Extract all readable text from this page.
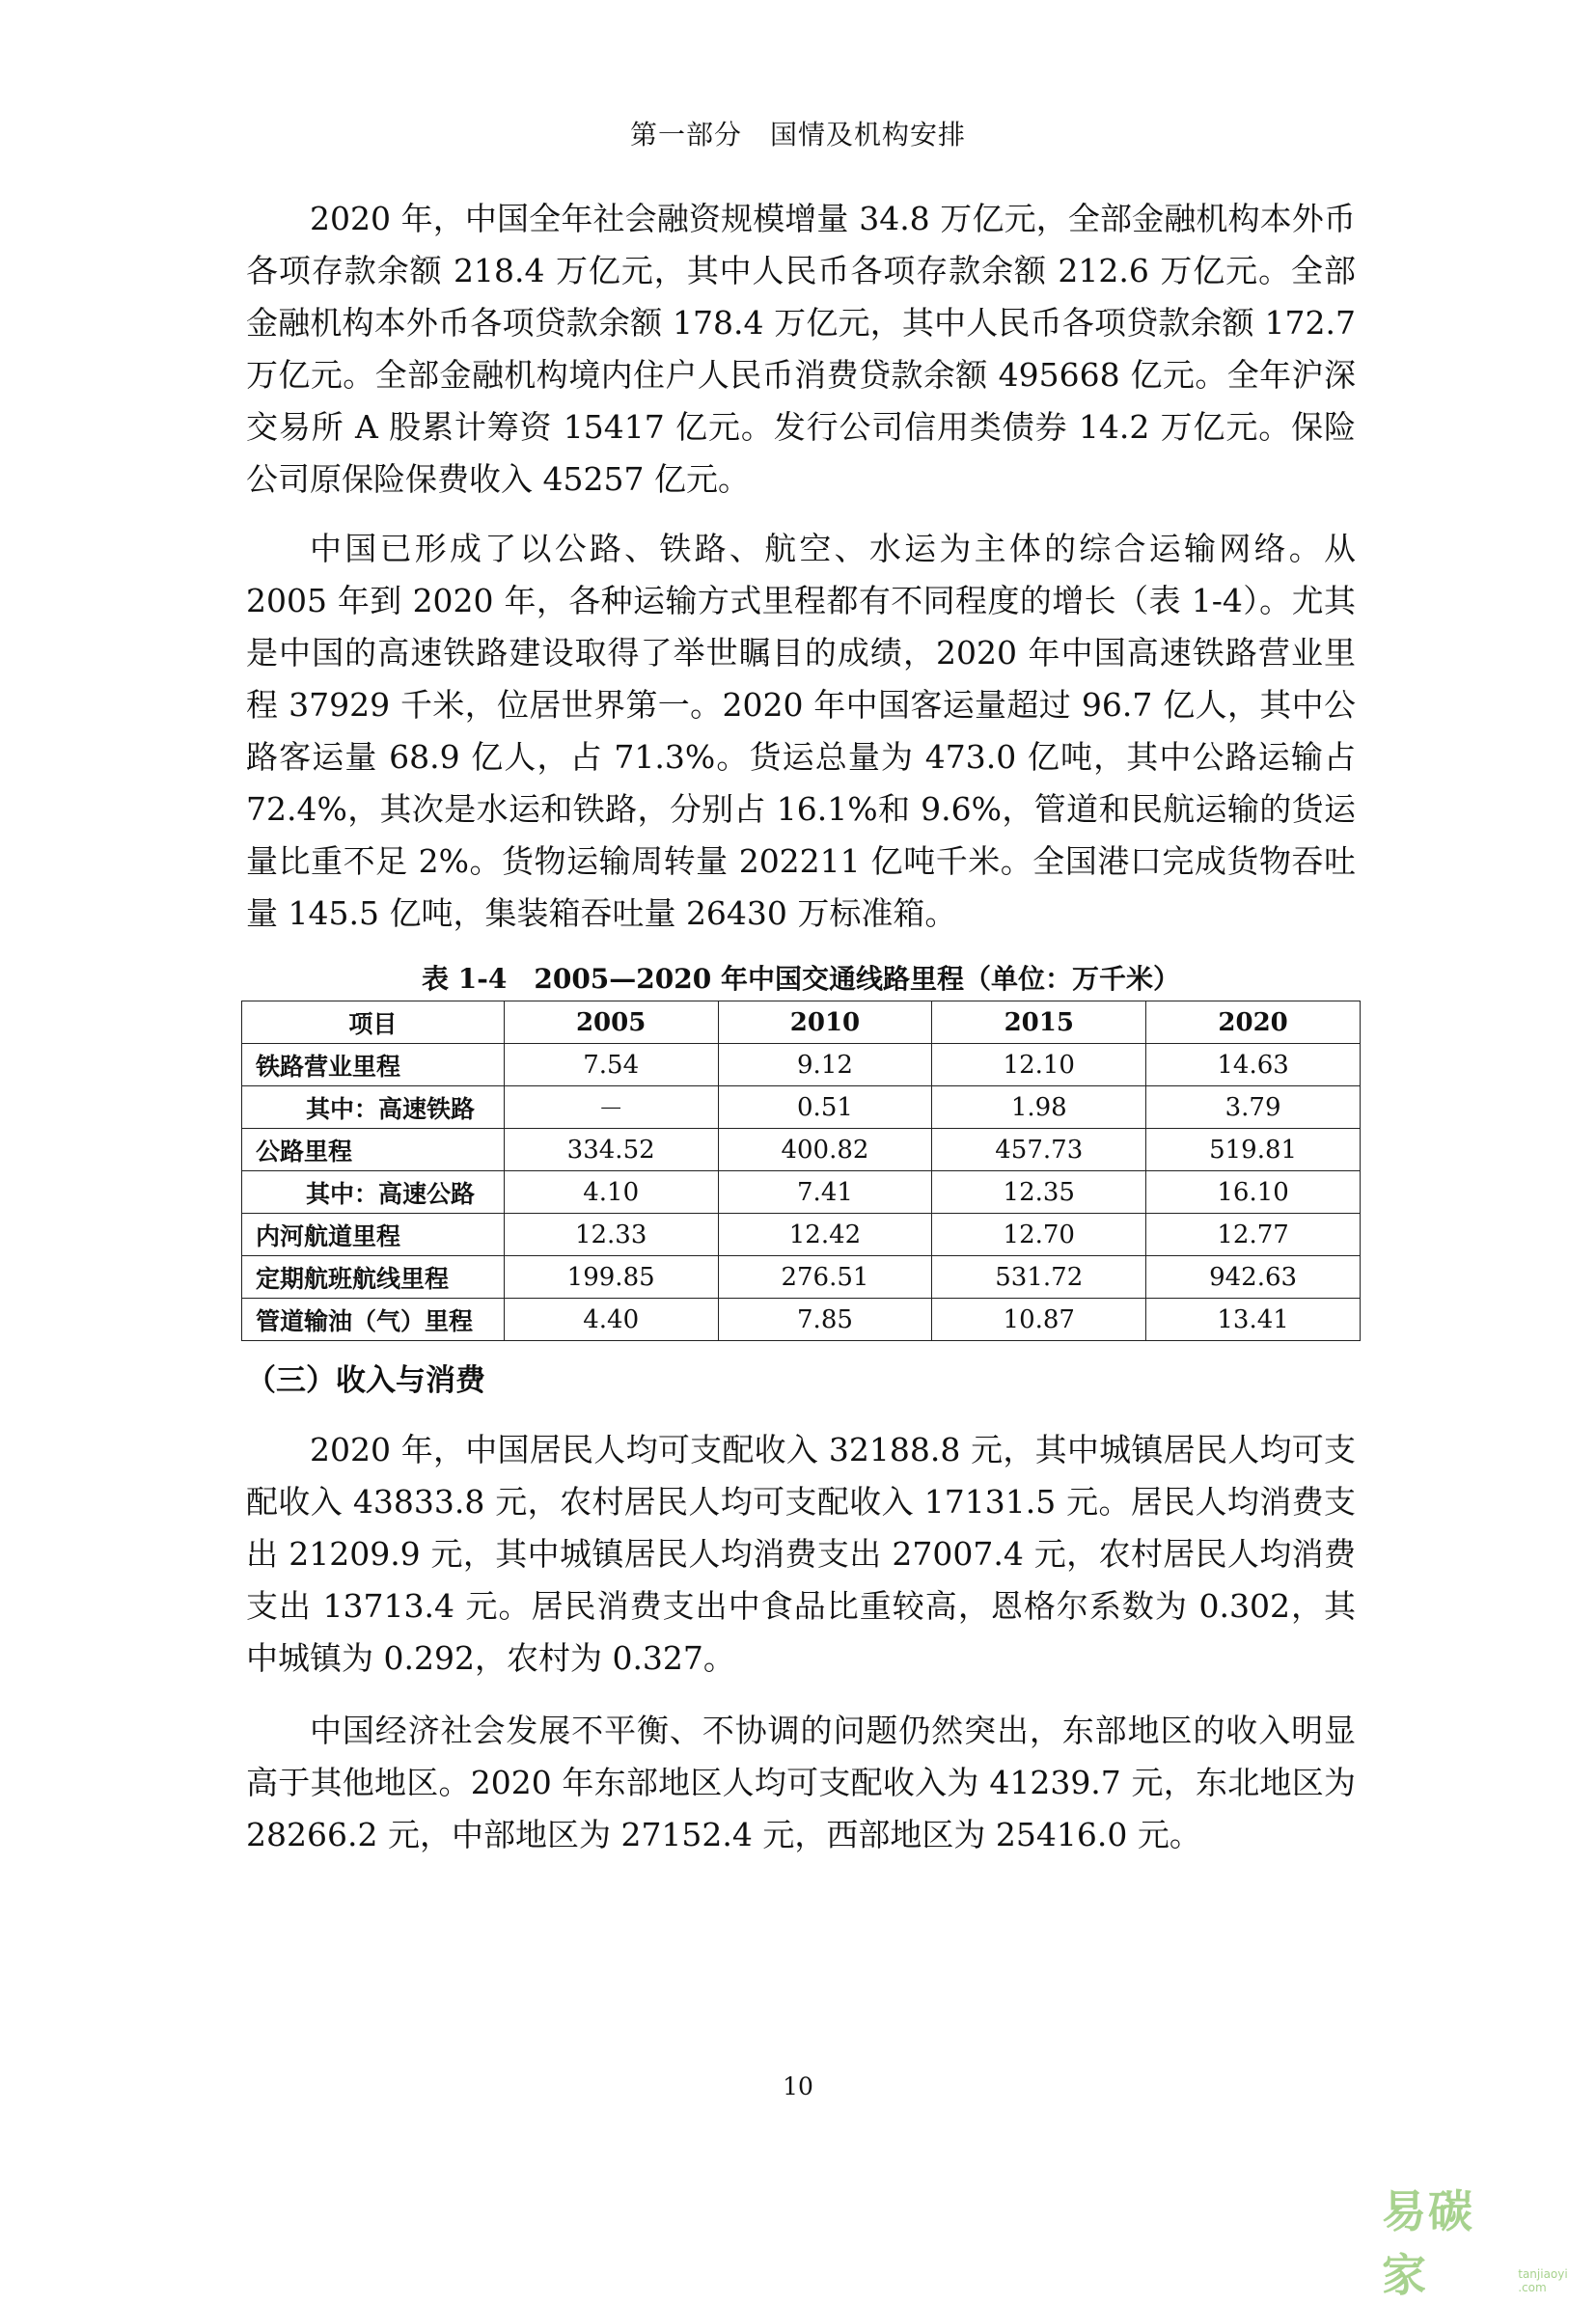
第一部分　国情及机构安排

2020 年，中国全年社会融资规模增量 34.8 万亿元，全部金融机构本外币各项存款余额 218.4 万亿元，其中人民币各项存款余额 212.6 万亿元。全部金融机构本外币各项贷款余额 178.4 万亿元，其中人民币各项贷款余额 172.7 万亿元。全部金融机构境内住户人民币消费贷款余额 495668 亿元。全年沪深交易所 A 股累计筹资 15417 亿元。发行公司信用类债券 14.2 万亿元。保险公司原保险保费收入 45257 亿元。

中国已形成了以公路、铁路、航空、水运为主体的综合运输网络。从 2005 年到 2020 年，各种运输方式里程都有不同程度的增长（表 1-4）。尤其是中国的高速铁路建设取得了举世瞩目的成绩，2020 年中国高速铁路营业里程 37929 千米，位居世界第一。2020 年中国客运量超过 96.7 亿人，其中公路客运量 68.9 亿人，占 71.3%。货运总量为 473.0 亿吨，其中公路运输占 72.4%，其次是水运和铁路，分别占 16.1%和 9.6%，管道和民航运输的货运量比重不足 2%。货物运输周转量 202211 亿吨千米。全国港口完成货物吞吐量 145.5 亿吨，集装箱吞吐量 26430 万标准箱。

表 1-4　2005—2020 年中国交通线路里程（单位：万千米）
项目	2005	2010	2015	2020
铁路营业里程	7.54	9.12	12.10	14.63
其中：高速铁路	－	0.51	1.98	3.79
公路里程	334.52	400.82	457.73	519.81
其中：高速公路	4.10	7.41	12.35	16.10
内河航道里程	12.33	12.42	12.70	12.77
定期航班航线里程	199.85	276.51	531.72	942.63
管道输油（气）里程	4.40	7.85	10.87	13.41
（三）收入与消费

2020 年，中国居民人均可支配收入 32188.8 元，其中城镇居民人均可支配收入 43833.8 元，农村居民人均可支配收入 17131.5 元。居民人均消费支出 21209.9 元，其中城镇居民人均消费支出 27007.4 元，农村居民人均消费支出 13713.4 元。居民消费支出中食品比重较高，恩格尔系数为 0.302，其中城镇为 0.292，农村为 0.327。

中国经济社会发展不平衡、不协调的问题仍然突出，东部地区的收入明显高于其他地区。2020 年东部地区人均可支配收入为 41239.7 元，东北地区为 28266.2 元，中部地区为 27152.4 元，西部地区为 25416.0 元。

10
易碳家	tanjiaoyi .com
